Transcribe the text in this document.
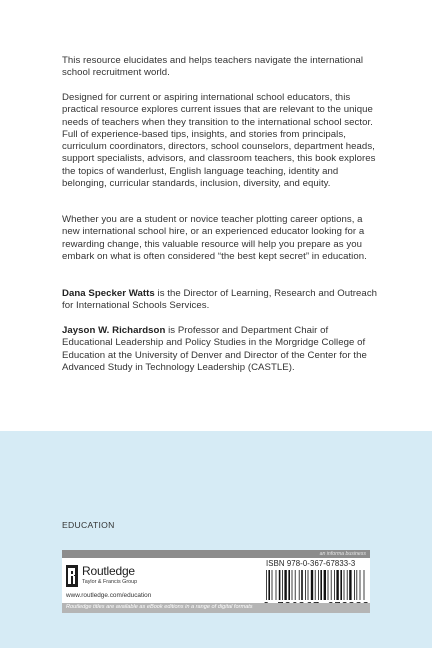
This resource elucidates and helps teachers navigate the international school recruitment world.

Designed for current or aspiring international school educators, this practical resource explores current issues that are relevant to the unique needs of teachers when they transition to the international school sector. Full of experience-based tips, insights, and stories from principals, curriculum coordinators, directors, school counselors, department heads, support specialists, advisors, and classroom teachers, this book explores the topics of wanderlust, English language teaching, identity and belonging, curricular standards, inclusion, diversity, and equity.

Whether you are a student or novice teacher plotting career options, a new international school hire, or an experienced educator looking for a rewarding change, this valuable resource will help you prepare as you embark on what is often considered “the best kept secret” in education.

Dana Specker Watts is the Director of Learning, Research and Outreach for International Schools Services.

Jayson W. Richardson is Professor and Department Chair of Educational Leadership and Policy Studies in the Morgridge College of Education at the University of Denver and Director of the Center for the Advanced Study in Technology Leadership (CASTLE).

EDUCATION
an informa business
Routledge
Taylor & Francis Group
www.routledge.com/education
ISBN 978-0-367-67833-3
Routledge titles are available as eBook editions in a range of digital formats
